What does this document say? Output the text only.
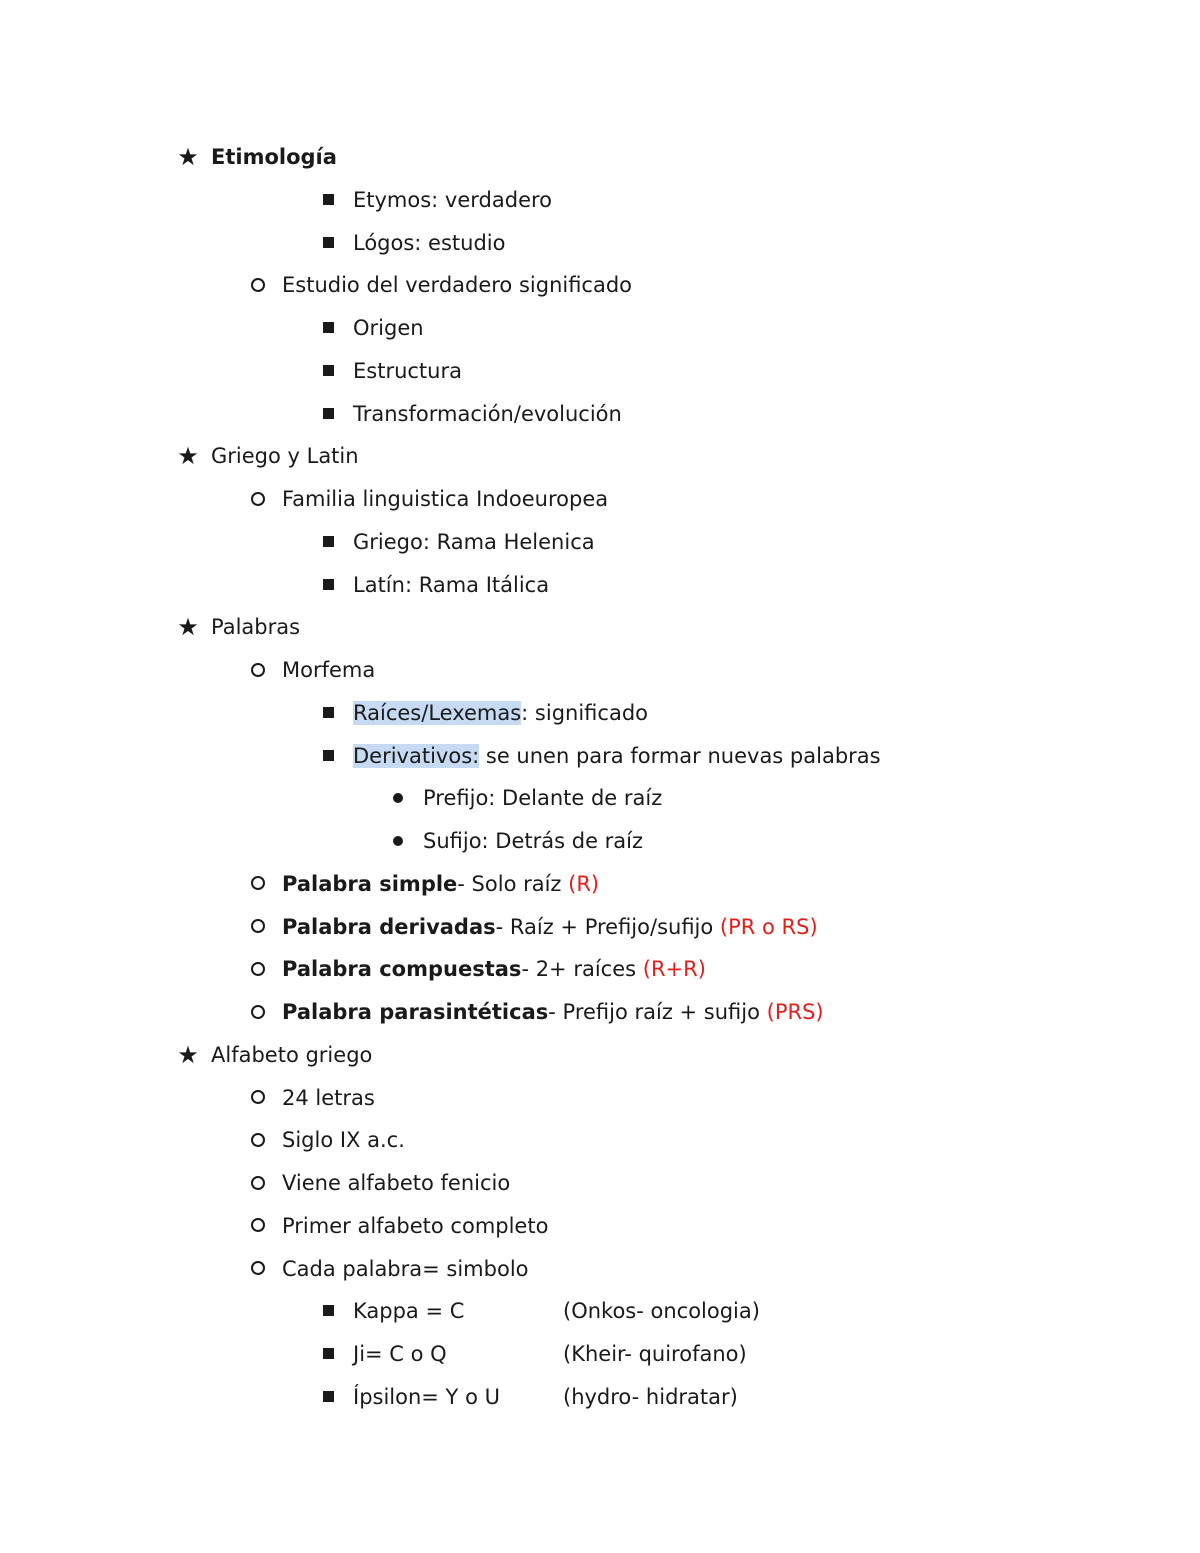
★ Etimología
Etymos: verdadero
Lógos: estudio
Estudio del verdadero significado
Origen
Estructura
Transformación/evolución
★ Griego y Latin
Familia linguistica Indoeuropea
Griego: Rama Helenica
Latín: Rama Itálica
★ Palabras
Morfema
Raíces/Lexemas: significado
Derivativos: se unen para formar nuevas palabras
Prefijo: Delante de raíz
Sufijo: Detrás de raíz
Palabra simple- Solo raíz (R)
Palabra derivadas- Raíz + Prefijo/sufijo (PR o RS)
Palabra compuestas- 2+ raíces (R+R)
Palabra parasintéticas- Prefijo raíz + sufijo (PRS)
★ Alfabeto griego
24 letras
Siglo IX a.c.
Viene alfabeto fenicio
Primer alfabeto completo
Cada palabra= simbolo
Kappa = C	(Onkos- oncologia)
Ji= C o Q	(Kheir- quirofano)
Ípsilon= Y o U	(hydro- hidratar)
